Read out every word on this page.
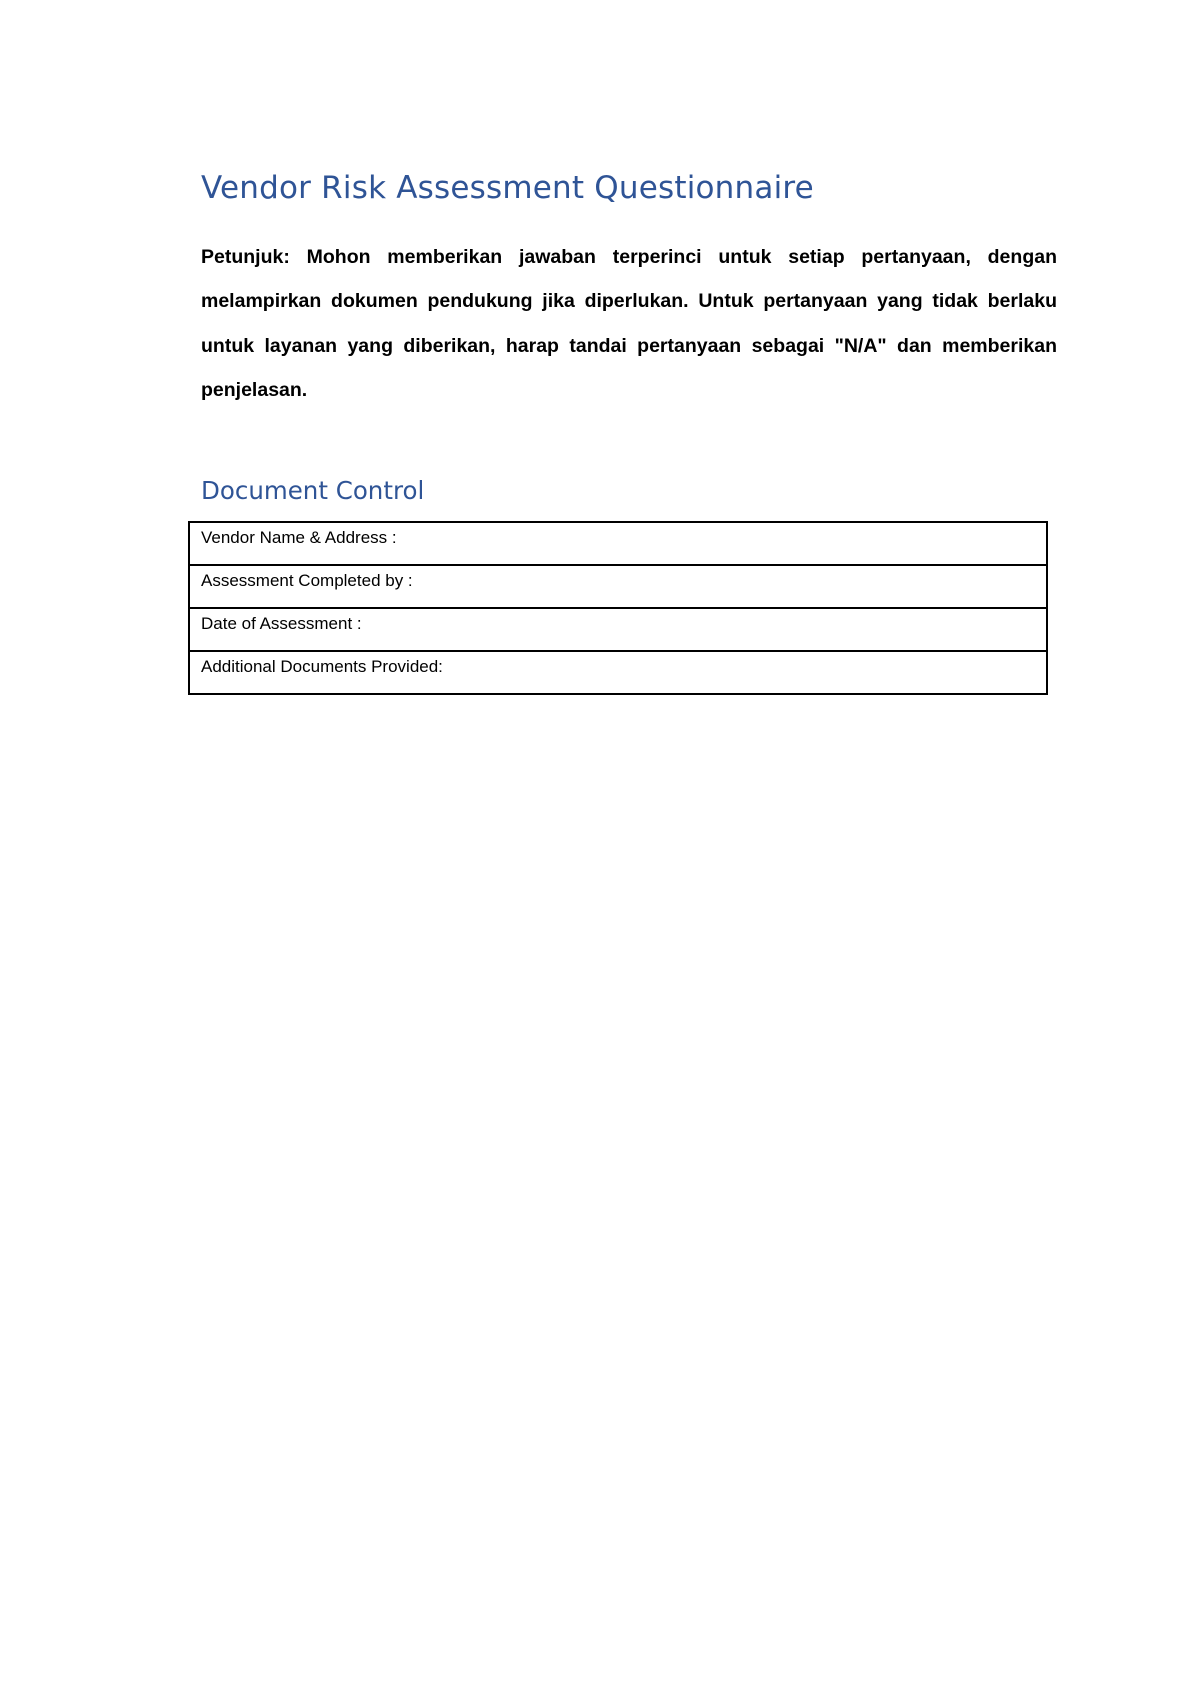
Vendor Risk Assessment Questionnaire

Petunjuk: Mohon memberikan jawaban terperinci untuk setiap pertanyaan, dengan melampirkan dokumen pendukung jika diperlukan. Untuk pertanyaan yang tidak berlaku untuk layanan yang diberikan, harap tandai pertanyaan sebagai "N/A" dan memberikan penjelasan.

Document Control
Vendor Name & Address :
Assessment Completed by :
Date of Assessment :
Additional Documents Provided:
